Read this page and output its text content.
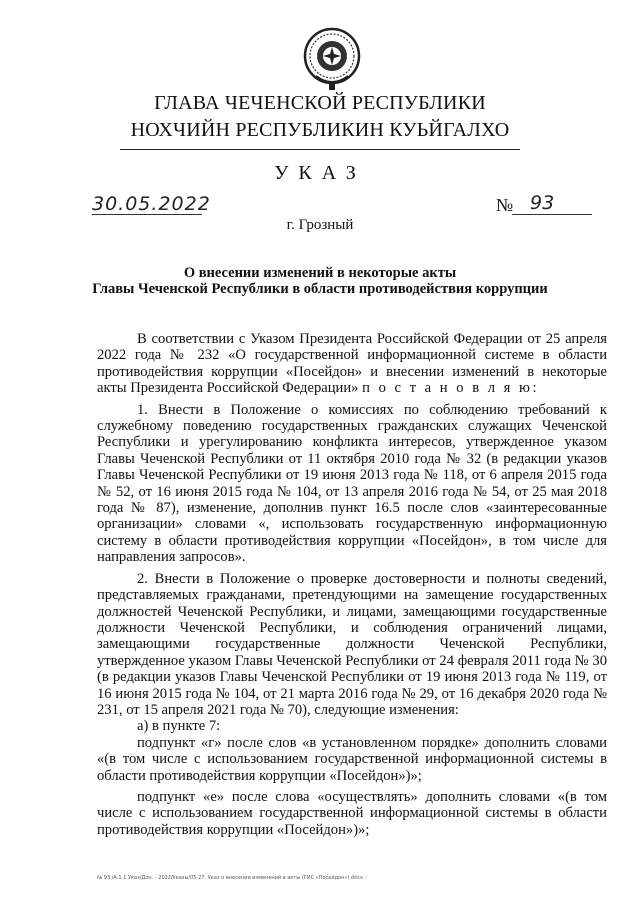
ГЛАВА ЧЕЧЕНСКОЙ РЕСПУБЛИКИ
НОХЧИЙН РЕСПУБЛИКИН КУЬЙГАЛХО
УКАЗ
30.05.2022	№ 93
г. Грозный
О внесении изменений в некоторые акты
Главы Чеченской Республики в области противодействия коррупции

В соответствии с Указом Президента Российской Федерации от 25 апреля 2022 года № 232 «О государственной информационной системе в области противодействия коррупции «Посейдон» и внесении изменений в некоторые акты Президента Российской Федерации» п о с т а н о в л я ю:

1. Внести в Положение о комиссиях по соблюдению требований к служебному поведению государственных гражданских служащих Чеченской Республики и урегулированию конфликта интересов, утвержденное указом Главы Чеченской Республики от 11 октября 2010 года № 32 (в редакции указов Главы Чеченской Республики от 19 июня 2013 года № 118, от 6 апреля 2015 года № 52, от 16 июня 2015 года № 104, от 13 апреля 2016 года № 54, от 25 мая 2018 года № 87), изменение, дополнив пункт 16.5 после слов «заинтересованные организации» словами «, использовать государственную информационную систему в области противодействия коррупции «Посейдон», в том числе для направления запросов».

2. Внести в Положение о проверке достоверности и полноты сведений, представляемых гражданами, претендующими на замещение государственных должностей Чеченской Республики, и лицами, замещающими государственные должности Чеченской Республики, и соблюдения ограничений лицами, замещающими государственные должности Чеченской Республики, утвержденное указом Главы Чеченской Республики от 24 февраля 2011 года № 30 (в редакции указов Главы Чеченской Республики от 19 июня 2013 года № 119, от 16 июня 2015 года № 104, от 21 марта 2016 года № 29, от 16 декабря 2020 года № 231, от 15 апреля 2021 года № 70), следующие изменения:

а) в пункте 7:

подпункт «г» после слов «в установленном порядке» дополнить словами «(в том числе с использованием государственной информационной системы в области противодействия коррупции «Посейдон»)»;

подпункт «е» после слова «осуществлять» дополнить словами «(в том числе с использованием государственной информационной системы в области противодействия коррупции «Посейдон»)»;

№ 93 /А.1.1 Указ/Дон. - 2022/Указы/05-27. Указ о внесении изменений в акты (ГИС «Посейдон»).docx
